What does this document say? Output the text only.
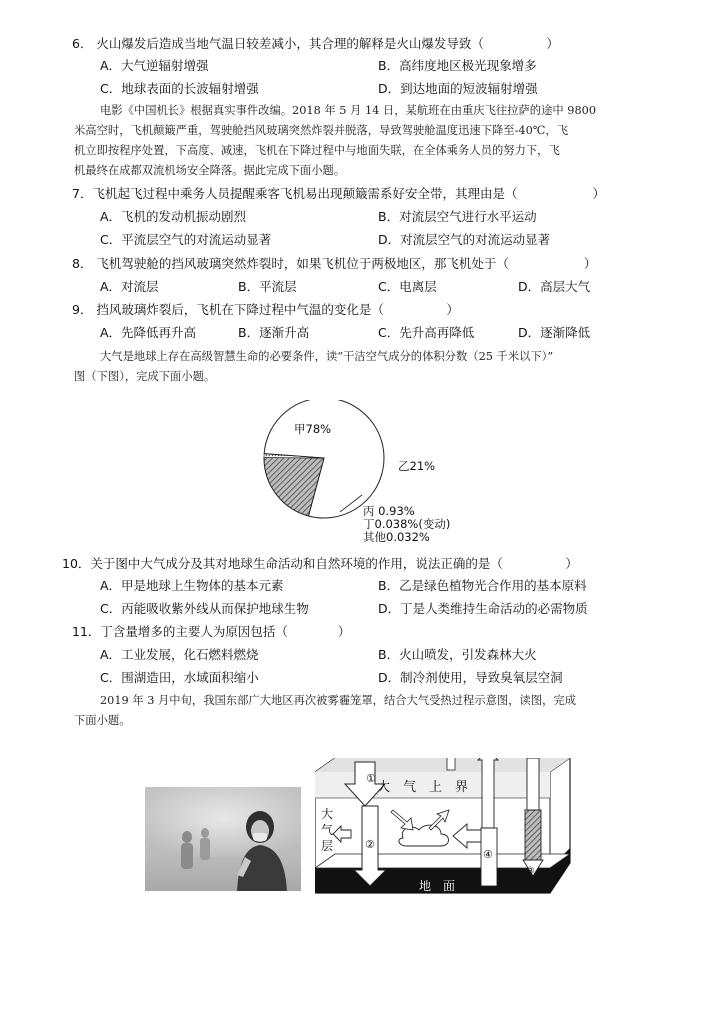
6． 火山爆发后造成当地气温日较差减小，其合理的解释是火山爆发导致（　　　　　）
A．大气逆辐射增强	B．高纬度地区极光现象增多
C．地球表面的长波辐射增强	D．到达地面的短波辐射增强
电影《中国机长》根据真实事件改编。2018 年 5 月 14 日，某航班在由重庆飞往拉萨的途中 9800
米高空时，飞机颠簸严重，驾驶舱挡风玻璃突然炸裂并脱落，导致驾驶舱温度迅速下降至-40℃，飞
机立即按程序处置，下高度、减速，飞机在下降过程中与地面失联，在全体乘务人员的努力下，飞
机最终在成都双流机场安全降落。据此完成下面小题。
7．飞机起飞过程中乘务人员提醒乘客飞机易出现颠簸需系好安全带，其理由是（　　　　　　）
A．飞机的发动机振动剧烈	B．对流层空气进行水平运动
C．平流层空气的对流运动显著	D．对流层空气的对流运动显著
8． 飞机驾驶舱的挡风玻璃突然炸裂时，如果飞机位于两极地区，那飞机处于（　　　　　　）
A．对流层	B．平流层	C．电离层	D．高层大气
9． 挡风玻璃炸裂后，飞机在下降过程中气温的变化是（　　　　　）
A．先降低再升高	B．逐渐升高	C．先升高再降低	D．逐渐降低
大气是地球上存在高级智慧生命的必要条件，读“干洁空气成分的体积分数（25 千米以下）”
图（下图），完成下面小题。
甲78%
乙21%
丙 0.93%
丁0.038%(变动)
其他0.032%
10．关于图中大气成分及其对地球生命活动和自然环境的作用，说法正确的是（　　　　　）
A．甲是地球上生物体的基本元素	B．乙是绿色植物光合作用的基本原料
C．丙能吸收紫外线从而保护地球生物	D．丁是人类维持生命活动的必需物质
11．丁含量增多的主要人为原因包括（　　　　）
A．工业发展，化石燃料燃烧	B．火山喷发，引发森林大火
C．围湖造田，水域面积缩小	D．制冷剂使用，导致臭氧层空洞
2019 年 3 月中旬，我国东部广大地区再次被雾霾笼罩，结合大气受热过程示意图，读图，完成
下面小题。
大　气　上　界
大
气
层
地　面
①
②
③
④
